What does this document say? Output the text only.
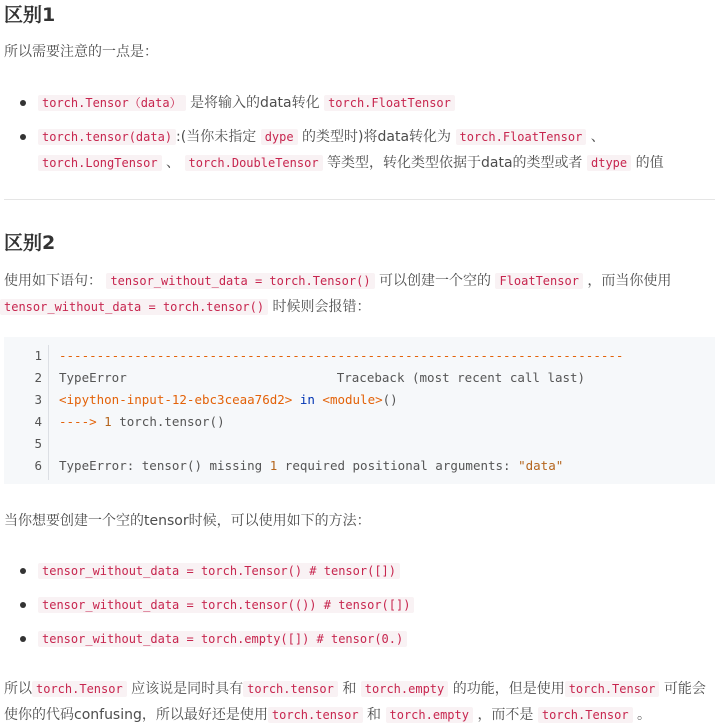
区别1

所以需要注意的一点是：

torch.Tensor（data） 是将输入的data转化 torch.FloatTensor

torch.tensor(data) :(当你未指定 dype 的类型时)将data转化为 torch.FloatTensor 、
torch.LongTensor 、 torch.DoubleTensor 等类型，转化类型依据于data的类型或者 dtype 的值

区别2

使用如下语句： tensor_without_data = torch.Tensor() 可以创建一个空的 FloatTensor ，而当你使用
tensor_without_data = torch.tensor() 时候则会报错：

1
2
3
4
5
6
---------------------------------------------------------------------------
TypeError	Traceback (most recent call last)
<ipython-input-12-ebc3ceaa76d2> in <module>()
----> 1 torch.tensor()
TypeError: tensor() missing 1 required positional arguments: "data"

当你想要创建一个空的tensor时候，可以使用如下的方法：

tensor_without_data = torch.Tensor() # tensor([])

tensor_without_data = torch.tensor(()) # tensor([])

tensor_without_data = torch.empty([]) # tensor(0.)

所以 torch.Tensor 应该说是同时具有 torch.tensor 和 torch.empty 的功能，但是使用 torch.Tensor 可能会使你的代码confusing，所以最好还是使用 torch.tensor 和 torch.empty ，而不是 torch.Tensor 。
